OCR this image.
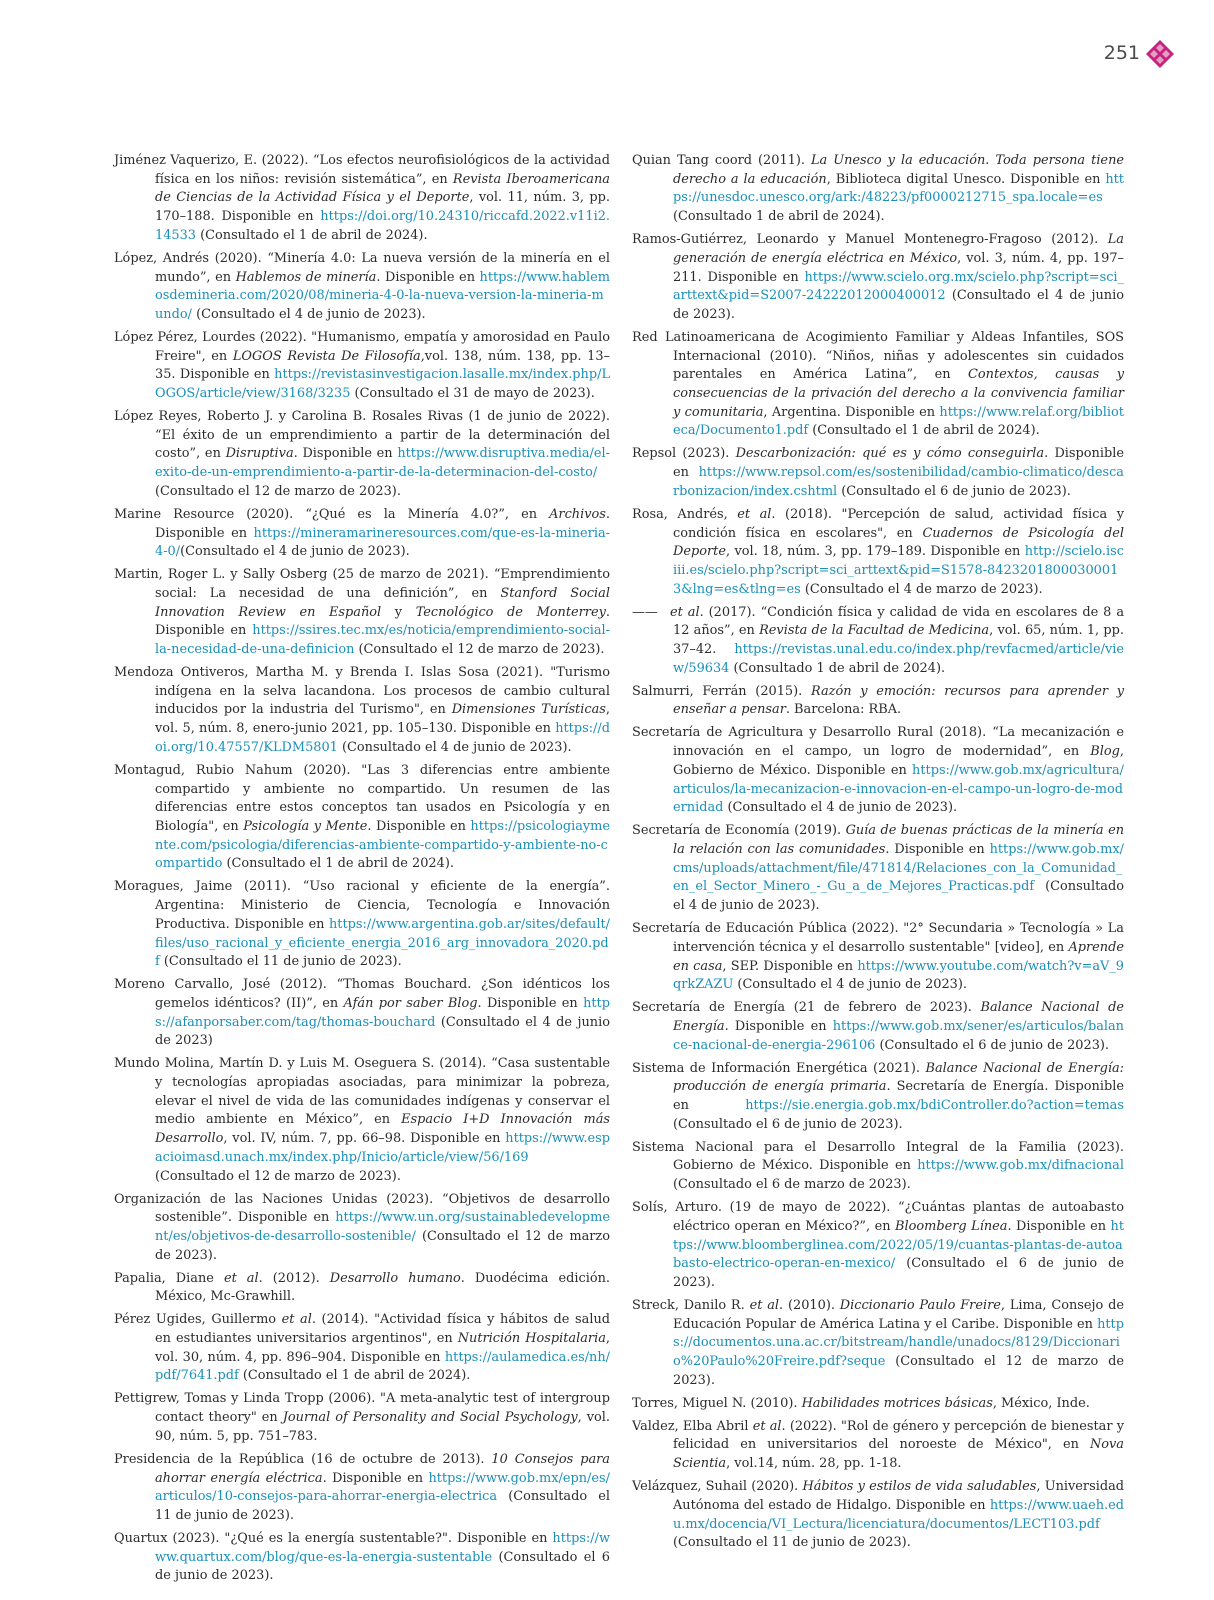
251

Jiménez Vaquerizo, E. (2022). “Los efectos neurofisiológicos de la actividad física en los niños: revisión sistemática”, en Revista Iberoamericana de Ciencias de la Actividad Física y el Deporte, vol. 11, núm. 3, pp. 170–188. Disponible en https://doi.org/10.24310/riccafd.2022.v11i2.14533 (Consultado el 1 de abril de 2024).

López, Andrés (2020). “Minería 4.0: La nueva versión de la minería en el mundo”, en Hablemos de minería. Disponible en https://www.hablemosdemineria.com/2020/08/mineria-4-0-la-nueva-version-la-mineria-mundo/ (Consultado el 4 de junio de 2023).

López Pérez, Lourdes (2022). "Humanismo, empatía y amorosidad en Paulo Freire", en LOGOS Revista De Filosofía,vol. 138, núm. 138, pp. 13–35. Disponible en https://revistasinvestigacion.lasalle.mx/index.php/LOGOS/article/view/3168/3235 (Consultado el 31 de mayo de 2023).

López Reyes, Roberto J. y Carolina B. Rosales Rivas (1 de junio de 2022). “El éxito de un emprendimiento a partir de la determinación del costo”, en Disruptiva. Disponible en https://www.disruptiva.media/el-exito-de-un-emprendimiento-a-partir-de-la-determinacion-del-costo/ (Consultado el 12 de marzo de 2023).

Marine Resource (2020). “¿Qué es la Minería 4.0?”, en Archivos. Disponible en https://mineramarineresources.com/que-es-la-mineria-4-0/(Consultado el 4 de junio de 2023).

Martin, Roger L. y Sally Osberg (25 de marzo de 2021). “Emprendimiento social: La necesidad de una definición”, en Stanford Social Innovation Review en Español y Tecnológico de Monterrey. Disponible en https://ssires.tec.mx/es/noticia/emprendimiento-social-la-necesidad-de-una-definicion (Consultado el 12 de marzo de 2023).

Mendoza Ontiveros, Martha M. y Brenda I. Islas Sosa (2021). "Turismo indígena en la selva lacandona. Los procesos de cambio cultural inducidos por la industria del Turismo", en Dimensiones Turísticas, vol. 5, núm. 8, enero-junio 2021, pp. 105–130. Disponible en https://doi.org/10.47557/KLDM5801 (Consultado el 4 de junio de 2023).

Montagud, Rubio Nahum (2020). "Las 3 diferencias entre ambiente compartido y ambiente no compartido. Un resumen de las diferencias entre estos conceptos tan usados en Psicología y en Biología", en Psicología y Mente. Disponible en https://psicologiaymente.com/psicologia/diferencias-ambiente-compartido-y-ambiente-no-compartido (Consultado el 1 de abril de 2024).

Moragues, Jaime (2011). “Uso racional y eficiente de la energía”. Argentina: Ministerio de Ciencia, Tecnología e Innovación Productiva. Disponible en https://www.argentina.gob.ar/sites/default/files/uso_racional_y_eficiente_energia_2016_arg_innovadora_2020.pdf (Consultado el 11 de junio de 2023).

Moreno Carvallo, José (2012). “Thomas Bouchard. ¿Son idénticos los gemelos idénticos? (II)”, en Afán por saber Blog. Disponible en https://afanporsaber.com/tag/thomas-bouchard (Consultado el 4 de junio de 2023)

Mundo Molina, Martín D. y Luis M. Oseguera S. (2014). “Casa sustentable y tecnologías apropiadas asociadas, para minimizar la pobreza, elevar el nivel de vida de las comunidades indígenas y conservar el medio ambiente en México”, en Espacio I+D Innovación más Desarrollo, vol. IV, núm. 7, pp. 66–98. Disponible en https://www.espacioimasd.unach.mx/index.php/Inicio/article/view/56/169 (Consultado el 12 de marzo de 2023).

Organización de las Naciones Unidas (2023). “Objetivos de desarrollo sostenible”. Disponible en https://www.un.org/sustainabledevelopment/es/objetivos-de-desarrollo-sostenible/ (Consultado el 12 de marzo de 2023).

Papalia, Diane et al. (2012). Desarrollo humano. Duodécima edición. México, Mc-Grawhill.

Pérez Ugides, Guillermo et al. (2014). "Actividad física y hábitos de salud en estudiantes universitarios argentinos", en Nutrición Hospitalaria, vol. 30, núm. 4, pp. 896–904. Disponible en https://aulamedica.es/nh/pdf/7641.pdf (Consultado el 1 de abril de 2024).

Pettigrew, Tomas y Linda Tropp (2006). "A meta-analytic test of intergroup contact theory" en Journal of Personality and Social Psychology, vol. 90, núm. 5, pp. 751–783.

Presidencia de la República (16 de octubre de 2013). 10 Consejos para ahorrar energía eléctrica. Disponible en https://www.gob.mx/epn/es/articulos/10-consejos-para-ahorrar-energia-electrica (Consultado el 11 de junio de 2023).

Quartux (2023). "¿Qué es la energía sustentable?". Disponible en https://www.quartux.com/blog/que-es-la-energia-sustentable (Consultado el 6 de junio de 2023).

Quian Tang coord (2011). La Unesco y la educación. Toda persona tiene derecho a la educación, Biblioteca digital Unesco. Disponible en https://unesdoc.unesco.org/ark:/48223/pf0000212715_spa.locale=es (Consultado 1 de abril de 2024).

Ramos-Gutiérrez, Leonardo y Manuel Montenegro-Fragoso (2012). La generación de energía eléctrica en México, vol. 3, núm. 4, pp. 197–211. Disponible en https://www.scielo.org.mx/scielo.php?script=sci_arttext&pid=S2007-24222012000400012 (Consultado el 4 de junio de 2023).

Red Latinoamericana de Acogimiento Familiar y Aldeas Infantiles, SOS Internacional (2010). “Niños, niñas y adolescentes sin cuidados parentales en América Latina”, en Contextos, causas y consecuencias de la privación del derecho a la convivencia familiar y comunitaria, Argentina. Disponible en https://www.relaf.org/biblioteca/Documento1.pdf (Consultado el 1 de abril de 2024).

Repsol (2023). Descarbonización: qué es y cómo conseguirla. Disponible en https://www.repsol.com/es/sostenibilidad/cambio-climatico/descarbonizacion/index.cshtml (Consultado el 6 de junio de 2023).

Rosa, Andrés, et al. (2018). "Percepción de salud, actividad física y condición física en escolares", en Cuadernos de Psicología del Deporte, vol. 18, núm. 3, pp. 179–189. Disponible en http://scielo.isciii.es/scielo.php?script=sci_arttext&pid=S1578-84232018000300013&lng=es&tlng=es (Consultado el 4 de marzo de 2023).

—— et al. (2017). “Condición física y calidad de vida en escolares de 8 a 12 años”, en Revista de la Facultad de Medicina, vol. 65, núm. 1, pp. 37–42. https://revistas.unal.edu.co/index.php/revfacmed/article/view/59634 (Consultado 1 de abril de 2024).

Salmurri, Ferrán (2015). Razón y emoción: recursos para aprender y enseñar a pensar. Barcelona: RBA.

Secretaría de Agricultura y Desarrollo Rural (2018). “La mecanización e innovación en el campo, un logro de modernidad”, en Blog, Gobierno de México. Disponible en https://www.gob.mx/agricultura/articulos/la-mecanizacion-e-innovacion-en-el-campo-un-logro-de-modernidad (Consultado el 4 de junio de 2023).

Secretaría de Economía (2019). Guía de buenas prácticas de la minería en la relación con las comunidades. Disponible en https://www.gob.mx/cms/uploads/attachment/file/471814/Relaciones_con_la_Comunidad_en_el_Sector_Minero_-_Gu_a_de_Mejores_Practicas.pdf (Consultado el 4 de junio de 2023).

Secretaría de Educación Pública (2022). "2° Secundaria » Tecnología » La intervención técnica y el desarrollo sustentable" [video], en Aprende en casa, SEP. Disponible en https://www.youtube.com/watch?v=aV_9qrkZAZU (Consultado el 4 de junio de 2023).

Secretaría de Energía (21 de febrero de 2023). Balance Nacional de Energía. Disponible en https://www.gob.mx/sener/es/articulos/balance-nacional-de-energia-296106 (Consultado el 6 de junio de 2023).

Sistema de Información Energética (2021). Balance Nacional de Energía: producción de energía primaria. Secretaría de Energía. Disponible en https://sie.energia.gob.mx/bdiController.do?action=temas (Consultado el 6 de junio de 2023).

Sistema Nacional para el Desarrollo Integral de la Familia (2023). Gobierno de México. Disponible en https://www.gob.mx/difnacional (Consultado el 6 de marzo de 2023).

Solís, Arturo. (19 de mayo de 2022). “¿Cuántas plantas de autoabasto eléctrico operan en México?”, en Bloomberg Línea. Disponible en https://www.bloomberglinea.com/2022/05/19/cuantas-plantas-de-autoabasto-electrico-operan-en-mexico/ (Consultado el 6 de junio de 2023).

Streck, Danilo R. et al. (2010). Diccionario Paulo Freire, Lima, Consejo de Educación Popular de América Latina y el Caribe. Disponible en https://documentos.una.ac.cr/bitstream/handle/unadocs/8129/Diccionario%20Paulo%20Freire.pdf?seque (Consultado el 12 de marzo de 2023).

Torres, Miguel N. (2010). Habilidades motrices básicas, México, Inde.

Valdez, Elba Abril et al. (2022). "Rol de género y percepción de bienestar y felicidad en universitarios del noroeste de México", en Nova Scientia, vol.14, núm. 28, pp. 1-18.

Velázquez, Suhail (2020). Hábitos y estilos de vida saludables, Universidad Autónoma del estado de Hidalgo. Disponible en https://www.uaeh.edu.mx/docencia/VI_Lectura/licenciatura/documentos/LECT103.pdf (Consultado el 11 de junio de 2023).
